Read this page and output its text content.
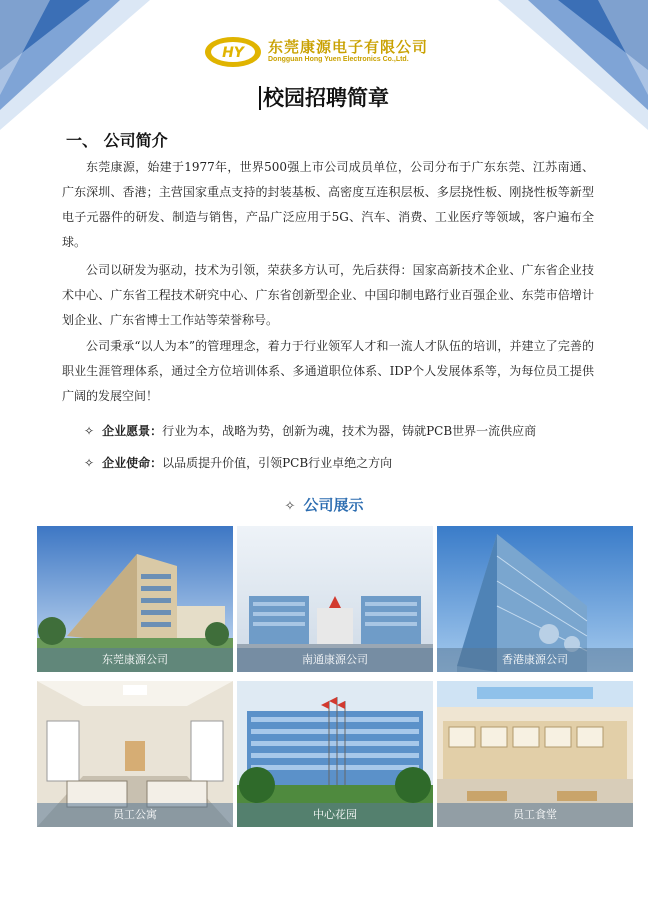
HY 东莞康源电子有限公司
Dongguan Hong Yuen Electronics Co.,Ltd.
校园招聘简章
一、 公司简介

东莞康源，始建于1977年，世界500强上市公司成员单位，公司分布于广东东莞、江苏南通、广东深圳、香港；主营国家重点支持的封装基板、高密度互连积层板、多层挠性板、刚挠性板等新型电子元器件的研发、制造与销售，产品广泛应用于5G、汽车、消费、工业医疗等领域，客户遍布全球。

公司以研发为驱动，技术为引领，荣获多方认可，先后获得：国家高新技术企业、广东省企业技术中心、广东省工程技术研究中心、广东省创新型企业、中国印制电路行业百强企业、东莞市倍增计划企业、广东省博士工作站等荣誉称号。

公司秉承“以人为本”的管理理念，着力于行业领军人才和一流人才队伍的培训，并建立了完善的职业生涯管理体系，通过全方位培训体系、多通道职位体系、IDP个人发展体系等，为每位员工提供广阔的发展空间！

✧ 企业愿景： 行业为本，战略为势，创新为魂，技术为器，铸就PCB世界一流供应商
✧ 企业使命： 以品质提升价值，引领PCB行业卓绝之方向
✧ 公司展示
东莞康源公司	南通康源公司	香港康源公司
员工公寓	中心花园	员工食堂
